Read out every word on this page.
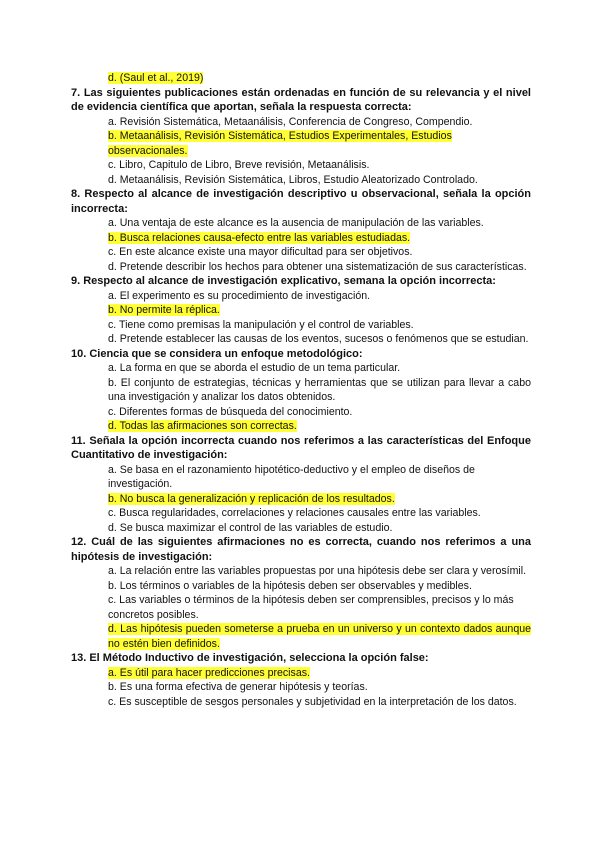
d. (Saul et al., 2019)

7. Las siguientes publicaciones están ordenadas en función de su relevancia y el nivel de evidencia científica que aportan, señala la respuesta correcta:

a. Revisión Sistemática, Metaanálisis, Conferencia de Congreso, Compendio.

b. Metaanálisis, Revisión Sistemática, Estudios Experimentales, Estudios observacionales.

c. Libro, Capitulo de Libro, Breve revisión, Metaanálisis.

d. Metaanálisis, Revisión Sistemática, Libros, Estudio Aleatorizado Controlado.

8. Respecto al alcance de investigación descriptivo u observacional, señala la opción incorrecta:

a. Una ventaja de este alcance es la ausencia de manipulación de las variables.

b. Busca relaciones causa-efecto entre las variables estudiadas.

c. En este alcance existe una mayor dificultad para ser objetivos.

d. Pretende describir los hechos para obtener una sistematización de sus características.

9. Respecto al alcance de investigación explicativo, semana la opción incorrecta:

a. El experimento es su procedimiento de investigación.

b. No permite la réplica.

c. Tiene como premisas la manipulación y el control de variables.

d. Pretende establecer las causas de los eventos, sucesos o fenómenos que se estudian.

10. Ciencia que se considera un enfoque metodológico:

a. La forma en que se aborda el estudio de un tema particular.

b. El conjunto de estrategias, técnicas y herramientas que se utilizan para llevar a cabo una investigación y analizar los datos obtenidos.

c. Diferentes formas de búsqueda del conocimiento.

d. Todas las afirmaciones son correctas.

11. Señala la opción incorrecta cuando nos referimos a las características del Enfoque Cuantitativo de investigación:

a. Se basa en el razonamiento hipotético-deductivo y el empleo de diseños de investigación.

b. No busca la generalización y replicación de los resultados.

c. Busca regularidades, correlaciones y relaciones causales entre las variables.

d. Se busca maximizar el control de las variables de estudio.

12. Cuál de las siguientes afirmaciones no es correcta, cuando nos referimos a una hipótesis de investigación:

a. La relación entre las variables propuestas por una hipótesis debe ser clara y verosímil.

b. Los términos o variables de la hipótesis deben ser observables y medibles.

c. Las variables o términos de la hipótesis deben ser comprensibles, precisos y lo más concretos posibles.

d. Las hipótesis pueden someterse a prueba en un universo y un contexto dados aunque no estén bien definidos.

13. El Método Inductivo de investigación, selecciona la opción false:

a. Es útil para hacer predicciones precisas.

b. Es una forma efectiva de generar hipótesis y teorías.

c. Es susceptible de sesgos personales y subjetividad en la interpretación de los datos.
